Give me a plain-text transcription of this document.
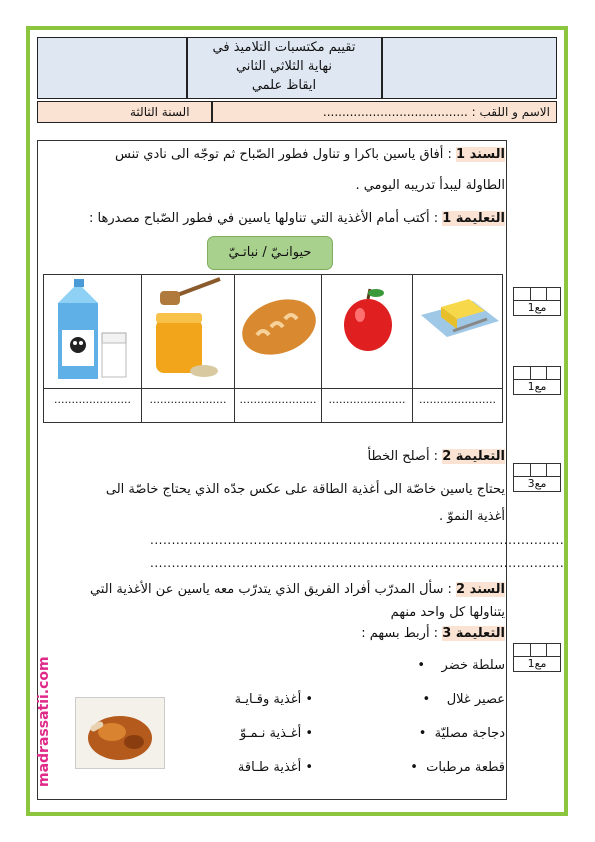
تقييم مكتسبات التلاميذ في
نهاية الثلاثي الثاني
ايقاظ علمي
الاسم و اللقب : ......................................
السنة الثالثة
السند 1 : أفاق ياسين باكرا و تناول فطور الصّباح ثم توجّه الى نادي تنس
الطاولة ليبدأ تدريبه اليومي .
التعليمة 1 : أكتب أمام الأغذية التي تناولها ياسين في فطور الصّباح مصدرها :
حيوانـيّ / نباتـيّ
......................	......................	......................	......................	......................
التعليمة 2 : أصلح الخطأ
يحتاج ياسين خاصّة الى أغذية الطاقة على عكس جدّه الذي يحتاج خاصّة الى
أغذية النموّ .
................................................................................................
................................................................................................
السند 2 : سأل المدرّب أفراد الفريق الذي يتدرّب معه ياسين عن الأغذية التي
يتناولها كل واحد منهم
التعليمة 3 : أربط بسهم :
سلطة خضر    •
عصير غلال    •
دجاجة مصليّة  •
قطعة مرطبات  •
• أغذية وقـايـة
• أغـذية نـمـوّ
• أغذية طـاقة
مع1
مع1
مع3
مع1
madrassatii.com
